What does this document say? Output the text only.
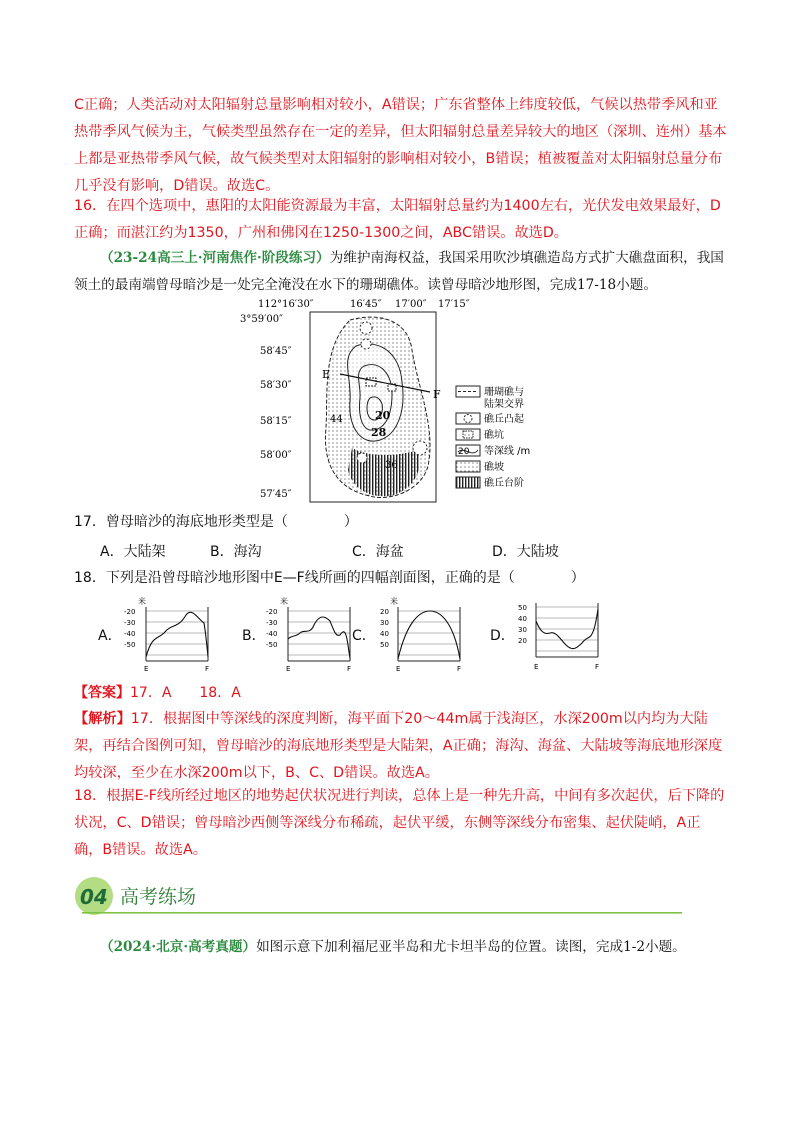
C正确；人类活动对太阳辐射总量影响相对较小，A错误；广东省整体上纬度较低，气候以热带季风和亚热带季风气候为主，气候类型虽然存在一定的差异，但太阳辐射总量差异较大的地区（深圳、连州）基本上都是亚热带季风气候，故气候类型对太阳辐射的影响相对较小，B错误；植被覆盖对太阳辐射总量分布几乎没有影响，D错误。故选C。

16．在四个选项中，惠阳的太阳能资源最为丰富，太阳辐射总量约为1400左右，光伏发电效果最好，D正确；而湛江约为1350，广州和佛冈在1250-1300之间，ABC错误。故选D。

（23-24高三上·河南焦作·阶段练习）为维护南海权益，我国采用吹沙填礁造岛方式扩大礁盘面积，我国领土的最南端曾母暗沙是一处完全淹没在水下的珊瑚礁体。读曾母暗沙地形图，完成17-18小题。

112°16′30″	16′45″ 17′00″ 17′15″
3°59′00″
58′45″
58′30″
58′15″
58′00″
57′45″
20
28
44
36
E
F	珊瑚礁与
陆架交界
礁丘凸起
礁坑
20 等深线 /m
礁坡
礁丘台阶

17．曾母暗沙的海底地形类型是（　　　　）

A．大陆架	B．海沟	C．海盆	D．大陆坡

18．下列是沿曾母暗沙地形图中E—F线所画的四幅剖面图，正确的是（　　　　）

A．
米
-20
-30
-40
-50
E	F
B．
米
-20
-30
-40
-50
E	F
C．
米
20
30
40
50
E	F
D．
50
40
30
20
E	F

【答案】17．A　　18．A

【解析】17．根据图中等深线的深度判断，海平面下20～44m属于浅海区，水深200m以内均为大陆架，再结合图例可知，曾母暗沙的海底地形类型是大陆架，A正确；海沟、海盆、大陆坡等海底地形深度均较深，至少在水深200m以下，B、C、D错误。故选A。

18．根据E-F线所经过地区的地势起伏状况进行判读，总体上是一种先升高，中间有多次起伏，后下降的状况，C、D错误；曾母暗沙西侧等深线分布稀疏，起伏平缓，东侧等深线分布密集、起伏陡峭，A正确，B错误。故选A。

04 高考练场

（2024·北京·高考真题）如图示意下加利福尼亚半岛和尤卡坦半岛的位置。读图，完成1-2小题。
